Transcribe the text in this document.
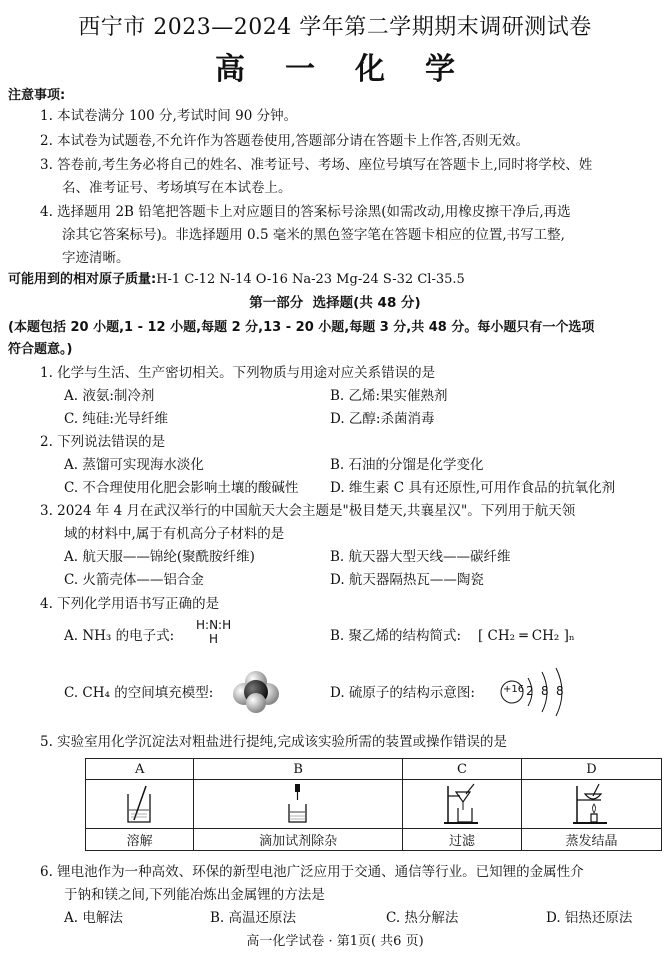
西宁市 2023—2024 学年第二学期期末调研测试卷
高一化学
注意事项:
1. 本试卷满分 100 分,考试时间 90 分钟。
2. 本试卷为试题卷,不允许作为答题卷使用,答题部分请在答题卡上作答,否则无效。
3. 答卷前,考生务必将自己的姓名、准考证号、考场、座位号填写在答题卡上,同时将学校、姓
名、准考证号、考场填写在本试卷上。
4. 选择题用 2B 铅笔把答题卡上对应题目的答案标号涂黑(如需改动,用橡皮擦干净后,再选
涂其它答案标号)。非选择题用 0.5 毫米的黑色签字笔在答题卡相应的位置,书写工整,
字迹清晰。
可能用到的相对原子质量:H-1 C-12 N-14 O-16 Na-23 Mg-24 S-32 Cl-35.5
第一部分  选择题(共 48 分)
(本题包括 20 小题,1 - 12 小题,每题 2 分,13 - 20 小题,每题 3 分,共 48 分。每小题只有一个选项
符合题意。)
1. 化学与生活、生产密切相关。下列物质与用途对应关系错误的是
A. 液氨:制冷剂	B. 乙烯:果实催熟剂
C. 纯硅:光导纤维	D. 乙醇:杀菌消毒
2. 下列说法错误的是
A. 蒸馏可实现海水淡化	B. 石油的分馏是化学变化
C. 不合理使用化肥会影响土壤的酸碱性 D. 维生素 C 具有还原性,可用作食品的抗氧化剂
3. 2024 年 4 月在武汉举行的中国航天大会主题是"极目楚天,共襄星汉"。下列用于航天领
域的材料中,属于有机高分子材料的是
A. 航天服——锦纶(聚酰胺纤维)	B. 航天器大型天线——碳纤维
C. 火箭壳体——铝合金	D. 航天器隔热瓦——陶瓷
4. 下列化学用语书写正确的是
A. NH₃ 的电子式:
H:N:H
H	B. 聚乙烯的结构简式: [ CH₂ ═ CH₂ ]ₙ
C. CH₄ 的空间填充模型:	D. 硫原子的结构示意图:	+16 2 8 8
5. 实验室用化学沉淀法对粗盐进行提纯,完成该实验所需的装置或操作错误的是
A	B	C	D

溶解	滴加试剂除杂	过滤	蒸发结晶
6. 锂电池作为一种高效、环保的新型电池广泛应用于交通、通信等行业。已知锂的金属性介
于钠和镁之间,下列能冶炼出金属锂的方法是
A. 电解法	B. 高温还原法	C. 热分解法	D. 铝热还原法
高一化学试卷 · 第1页( 共6 页)
